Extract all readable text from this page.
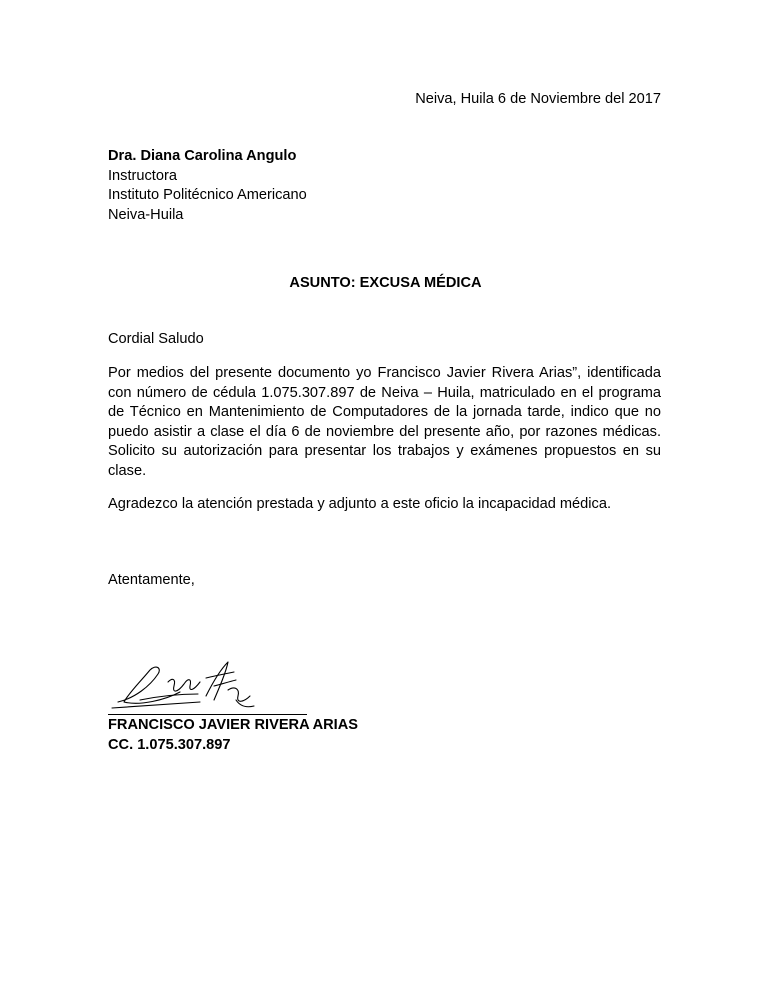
Neiva, Huila 6 de Noviembre del 2017
Dra. Diana Carolina Angulo
Instructora
Instituto Politécnico Americano
Neiva-Huila
ASUNTO: EXCUSA MÉDICA
Cordial Saludo

Por medios del presente documento yo Francisco Javier Rivera Arias”, identificada con número de cédula 1.075.307.897 de Neiva – Huila, matriculado en el programa de Técnico en Mantenimiento de Computadores de la jornada tarde, indico que no puedo asistir a clase el día 6 de noviembre del presente año, por razones médicas. Solicito su autorización para presentar los trabajos y exámenes propuestos en su clase.

Agradezco la atención prestada y adjunto a este oficio la incapacidad médica.
Atentamente,
FRANCISCO JAVIER RIVERA ARIAS
CC. 1.075.307.897
